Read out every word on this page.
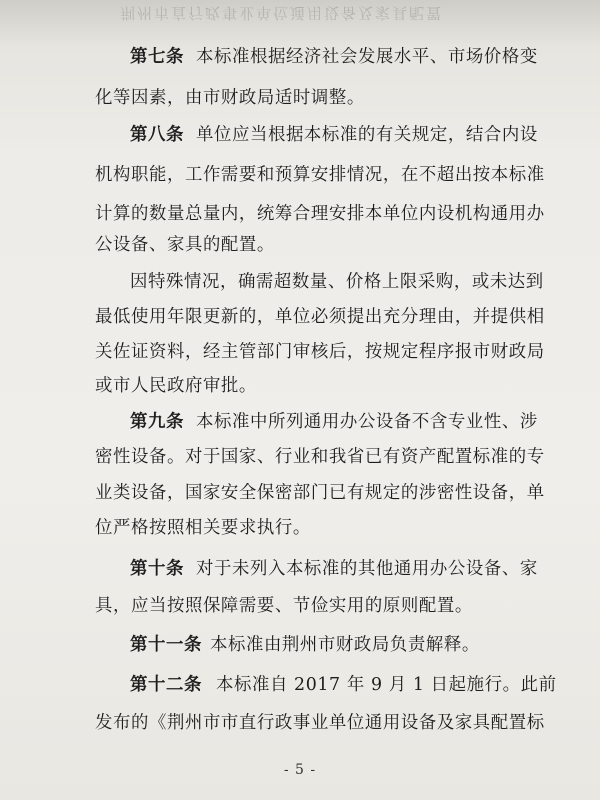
荆州市直行政事业单位通用设备及家具配置
第七条 本标准根据经济社会发展水平、市场价格变
化等因素，由市财政局适时调整。
第八条 单位应当根据本标准的有关规定，结合内设
机构职能，工作需要和预算安排情况，在不超出按本标准
计算的数量总量内，统筹合理安排本单位内设机构通用办
公设备、家具的配置。
因特殊情况，确需超数量、价格上限采购，或未达到
最低使用年限更新的，单位必须提出充分理由，并提供相
关佐证资料，经主管部门审核后，按规定程序报市财政局
或市人民政府审批。
第九条 本标准中所列通用办公设备不含专业性、涉
密性设备。对于国家、行业和我省已有资产配置标准的专
业类设备，国家安全保密部门已有规定的涉密性设备，单
位严格按照相关要求执行。
第十条 对于未列入本标准的其他通用办公设备、家
具，应当按照保障需要、节俭实用的原则配置。
第十一条 本标准由荆州市财政局负责解释。
第十二条 本标准自 2017 年 9 月 1 日起施行。此前
发布的《荆州市市直行政事业单位通用设备及家具配置标
- 5 -
